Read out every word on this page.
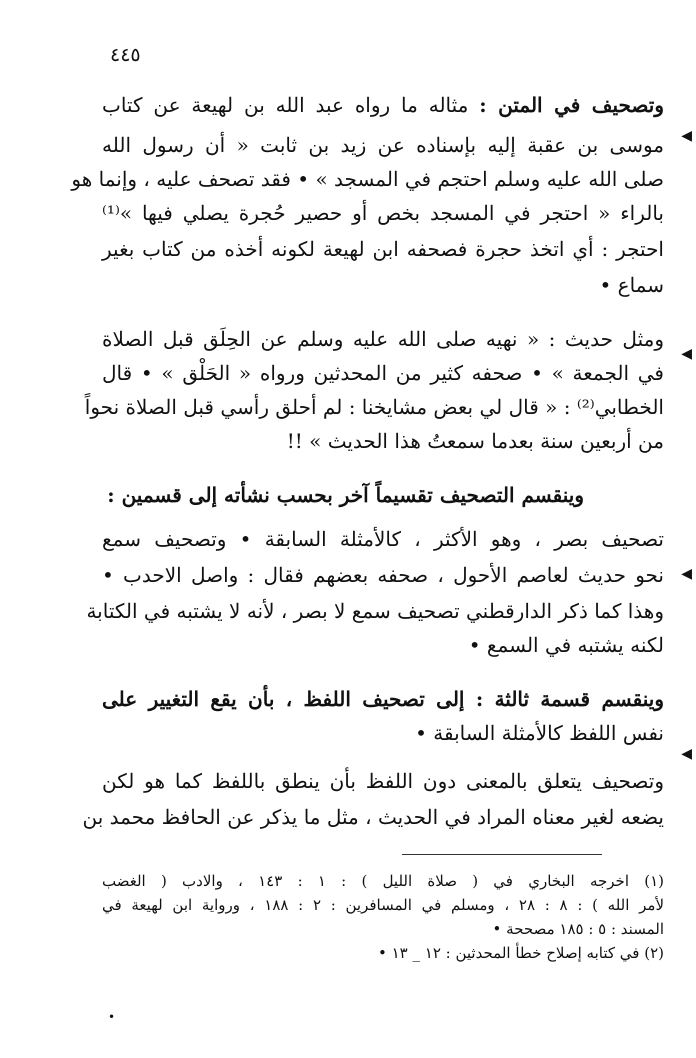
٤٤٥
وتصحيف في المتن : مثاله ما رواه عبد الله بن لهيعة عن كتاب
موسى بن عقبة إليه بإسناده عن زيد بن ثابت « أن رسول الله
صلى الله عليه وسلم احتجم في المسجد » • فقد تصحف عليه ، وإنما هو
بالراء « احتجر في المسجد بخص أو حصير حُجرة يصلي فيها »⁽¹⁾
احتجر : أي اتخذ حجرة فصحفه ابن لهيعة لكونه أخذه من كتاب بغير
سماع •
ومثل حديث : « نهيه صلى الله عليه وسلم عن الحِلَق قبل الصلاة
في الجمعة » • صحفه كثير من المحدثين ورواه « الحَلْق » • قال
الخطابي⁽²⁾ : « قال لي بعض مشايخنا : لم أحلق رأسي قبل الصلاة نحواً
من أربعين سنة بعدما سمعتُ هذا الحديث » !!
وينقسم التصحيف تقسيماً آخر بحسب نشأته إلى قسمين :
تصحيف بصر ، وهو الأكثر ، كالأمثلة السابقة • وتصحيف سمع
نحو حديث لعاصم الأحول ، صحفه بعضهم فقال : واصل الاحدب •
وهذا كما ذكر الدارقطني تصحيف سمع لا بصر ، لأنه لا يشتبه في الكتابة
لكنه يشتبه في السمع •
وينقسم قسمة ثالثة : إلى تصحيف اللفظ ، بأن يقع التغيير على
نفس اللفظ كالأمثلة السابقة •
وتصحيف يتعلق بالمعنى دون اللفظ بأن ينطق باللفظ كما هو لكن
يضعه لغير معناه المراد في الحديث ، مثل ما يذكر عن الحافظ محمد بن
(١) اخرجه البخاري في ( صلاة الليل ) : ١ : ١٤٣ ، والادب ( الغضب
لأمر الله ) : ٨ : ٢٨ ، ومسلم في المسافرين : ٢ : ١٨٨ ، ورواية ابن لهيعة في
المسند : ٥ : ١٨٥ مصححة •
(٢) في كتابه إصلاح خطأ المحدثين : ١٢ _ ١٣ •
◀
◀
◀
◀
•
